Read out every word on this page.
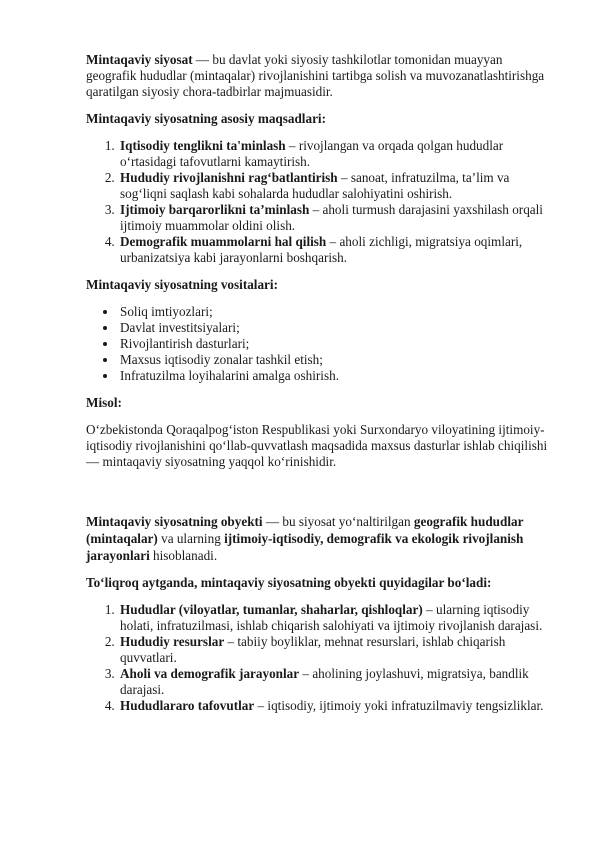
Mintaqaviy siyosat — bu davlat yoki siyosiy tashkilotlar tomonidan muayyan geografik hududlar (mintaqalar) rivojlanishini tartibga solish va muvozanatlashtirishga qaratilgan siyosiy chora-tadbirlar majmuasidir.

Mintaqaviy siyosatning asosiy maqsadlari:

1. Iqtisodiy tenglikni ta'minlash – rivojlangan va orqada qolgan hududlar o‘rtasidagi tafovutlarni kamaytirish.
2. Hududiy rivojlanishni rag‘batlantirish – sanoat, infratuzilma, ta’lim va sog‘liqni saqlash kabi sohalarda hududlar salohiyatini oshirish.
3. Ijtimoiy barqarorlikni ta’minlash – aholi turmush darajasini yaxshilash orqali ijtimoiy muammolar oldini olish.
4. Demografik muammolarni hal qilish – aholi zichligi, migratsiya oqimlari, urbanizatsiya kabi jarayonlarni boshqarish.

Mintaqaviy siyosatning vositalari:

• Soliq imtiyozlari;
• Davlat investitsiyalari;
• Rivojlantirish dasturlari;
• Maxsus iqtisodiy zonalar tashkil etish;
• Infratuzilma loyihalarini amalga oshirish.

Misol:

O‘zbekistonda Qoraqalpog‘iston Respublikasi yoki Surxondaryo viloyatining ijtimoiy-iqtisodiy rivojlanishini qo‘llab-quvvatlash maqsadida maxsus dasturlar ishlab chiqilishi — mintaqaviy siyosatning yaqqol ko‘rinishidir.

Mintaqaviy siyosatning obyekti — bu siyosat yo‘naltirilgan geografik hududlar (mintaqalar) va ularning ijtimoiy-iqtisodiy, demografik va ekologik rivojlanish jarayonlari hisoblanadi.

To‘liqroq aytganda, mintaqaviy siyosatning obyekti quyidagilar bo‘ladi:

1. Hududlar (viloyatlar, tumanlar, shaharlar, qishloqlar) – ularning iqtisodiy holati, infratuzilmasi, ishlab chiqarish salohiyati va ijtimoiy rivojlanish darajasi.
2. Hududiy resurslar – tabiiy boyliklar, mehnat resurslari, ishlab chiqarish quvvatlari.
3. Aholi va demografik jarayonlar – aholining joylashuvi, migratsiya, bandlik darajasi.
4. Hududlararo tafovutlar – iqtisodiy, ijtimoiy yoki infratuzilmaviy tengsizliklar.
